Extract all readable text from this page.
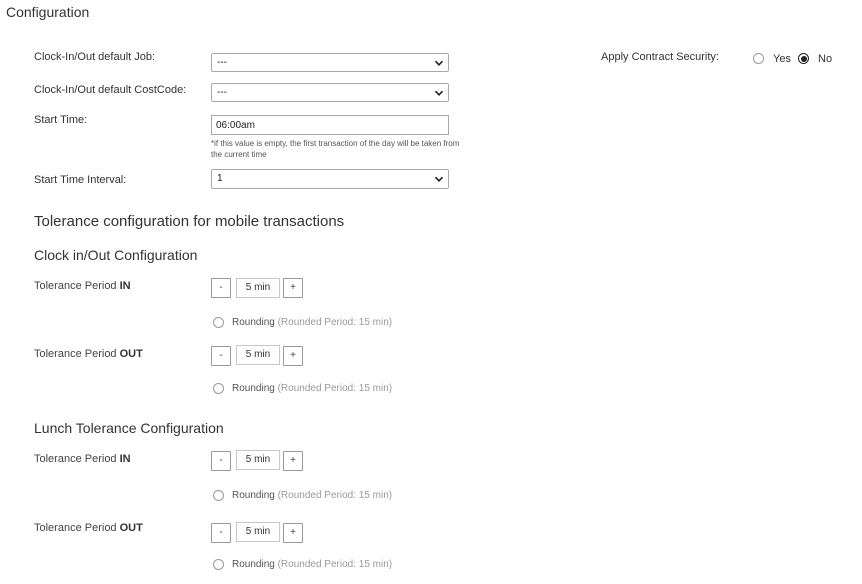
Configuration
Clock-In/Out default Job:	---
Clock-In/Out default CostCode:	---
Start Time:
06:00am
*if this value is empty, the first transaction of the day will be taken from the current time
Start Time Interval:	1
Apply Contract Security:	Yes No
Tolerance configuration for mobile transactions
Clock in/Out Configuration
Tolerance Period IN	-	5 min	+
Rounding (Rounded Period: 15 min)
Tolerance Period OUT	-	5 min	+
Rounding (Rounded Period: 15 min)
Lunch Tolerance Configuration
Tolerance Period IN	-	5 min	+
Rounding (Rounded Period: 15 min)
Tolerance Period OUT	-	5 min	+
Rounding (Rounded Period: 15 min)
